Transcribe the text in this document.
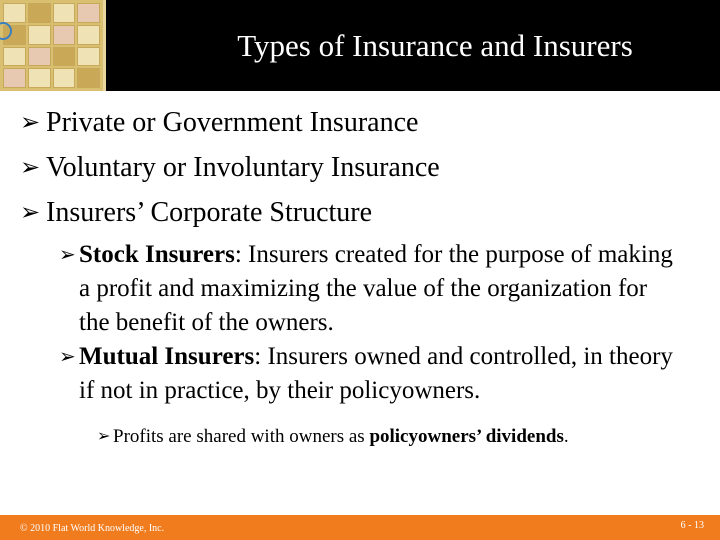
Types of Insurance and Insurers
➢ Private or Government Insurance
➢ Voluntary or Involuntary Insurance
➢ Insurers’ Corporate Structure
➢ Stock Insurers: Insurers created for the purpose of making a profit and maximizing the value of the organization for the benefit of the owners.
➢ Mutual Insurers: Insurers owned and controlled, in theory if not in practice, by their policyowners.
➢ Profits are shared with owners as policyowners’ dividends.
© 2010 Flat World Knowledge, Inc.	6 - 13
